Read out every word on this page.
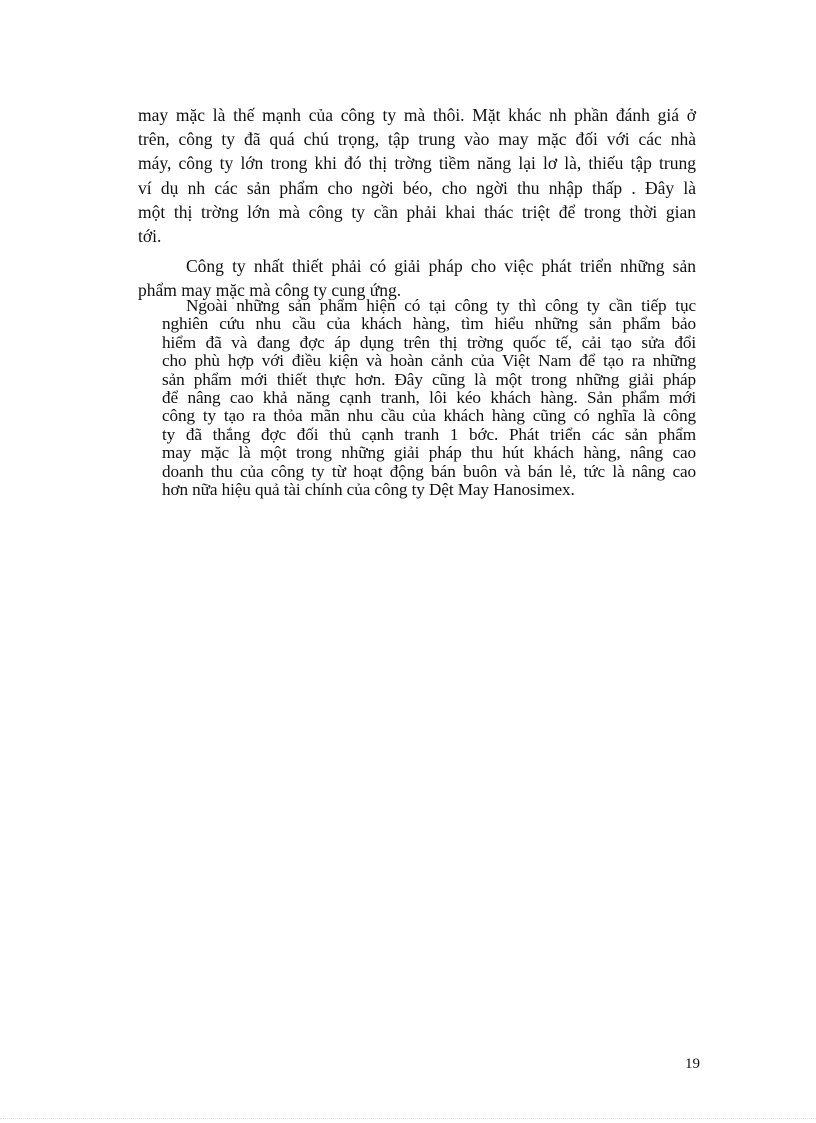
may mặc là thế mạnh của công ty mà thôi. Mặt khác nh phần đánh giá ở
trên, công ty đã quá chú trọng, tập trung vào may mặc đối với các nhà
máy, công ty lớn trong khi đó thị trờng tiềm năng lại lơ là, thiếu tập trung
ví dụ nh các sản phẩm cho ngời béo, cho ngời thu nhập thấp . Đây là
một thị trờng lớn mà công ty cần phải khai thác triệt để trong thời gian
tới.
Công ty nhất thiết phải có giải pháp cho việc phát triển những sản
phẩm may mặc mà công ty cung ứng.
Ngoài những sản phẩm hiện có tại công ty thì công ty cần tiếp tục
nghiên cứu nhu cầu của khách hàng, tìm hiểu những sản phẩm bảo
hiểm đã và đang đợc áp dụng trên thị trờng quốc tế, cải tạo sửa đổi
cho phù hợp với điều kiện và hoàn cảnh của Việt Nam để tạo ra những
sản phẩm mới thiết thực hơn. Đây cũng là một trong những giải pháp
để nâng cao khả năng cạnh tranh, lôi kéo khách hàng. Sản phẩm mới
công ty tạo ra thỏa mãn nhu cầu của khách hàng cũng có nghĩa là công
ty đã thắng đợc đối thủ cạnh tranh 1 bớc. Phát triển các sản phẩm
may mặc là một trong những giải pháp thu hút khách hàng, nâng cao
doanh thu của công ty từ hoạt động bán buôn và bán lẻ, tức là nâng cao
hơn nữa hiệu quả tài chính của công ty Dệt May Hanosimex.
19
